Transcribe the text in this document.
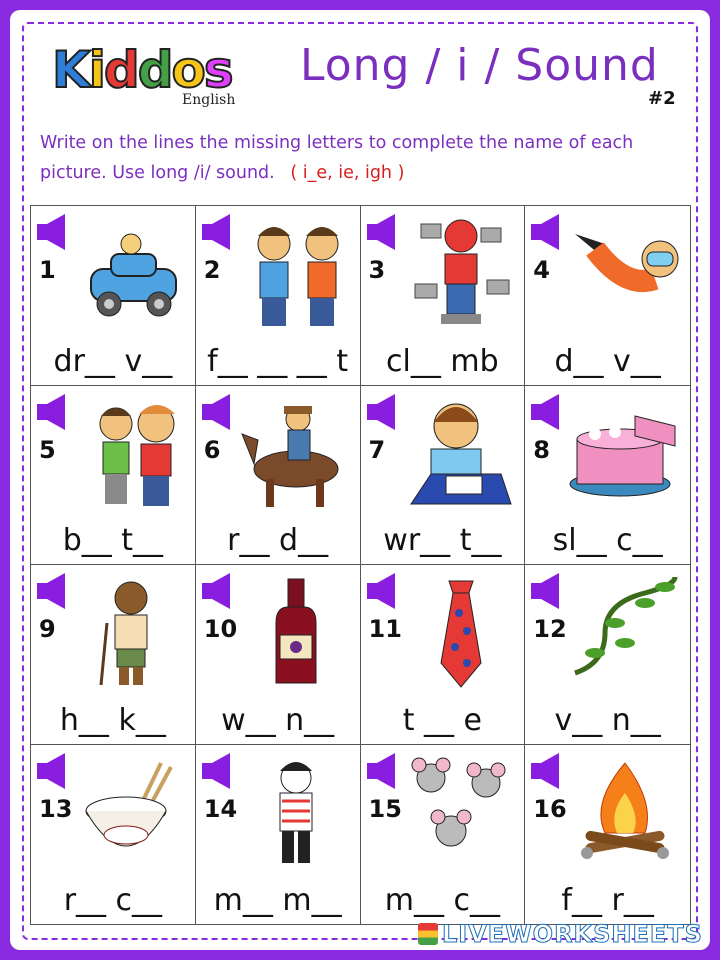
Kiddos
English
Long / i / Sound
#2
Write on the lines the missing letters to complete the name of each picture. Use long /i/ sound. ( i_e, ie, igh )
1
dr__ v__
2
f__ __ __ t
3
cl__ mb
4
d__ v__
5
b__ t__
6
r__ d__
7
wr__ t__
8
sl__ c__
9
h__ k__
10
w__ n__
11
t __ e
12
v__ n__
13
r__ c__
14
m__ m__
15
m__ c__
16
f__ r__
LIVEWORKSHEETS
